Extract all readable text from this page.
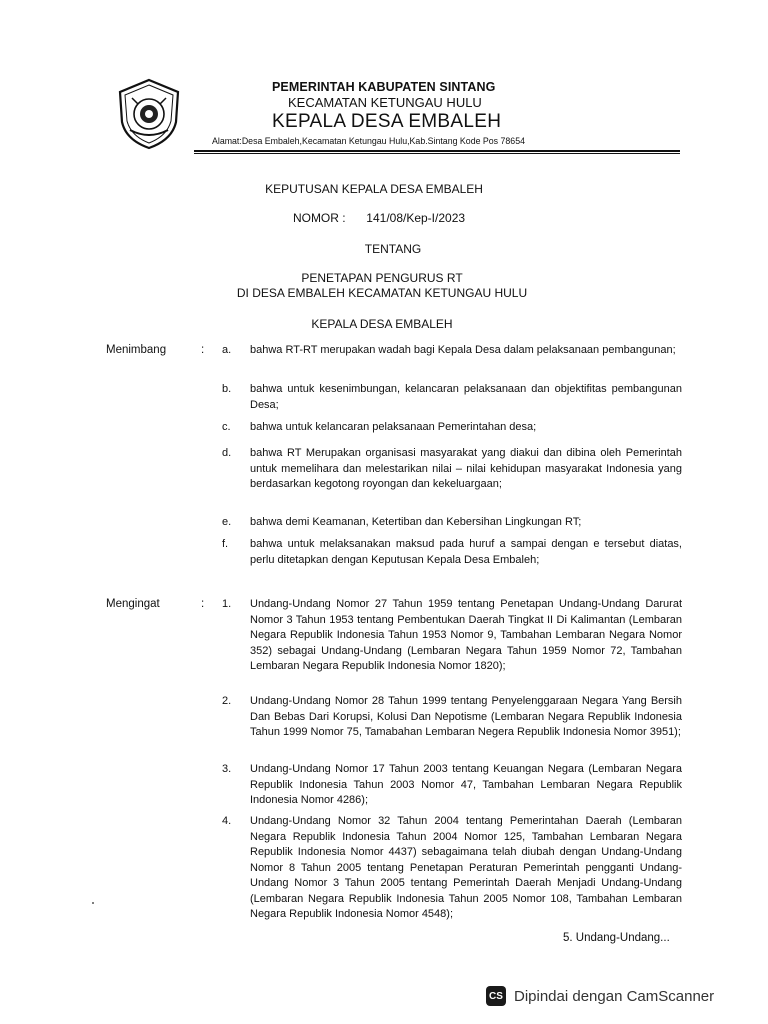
PEMERINTAH KABUPATEN SINTANG
KECAMATAN KETUNGAU HULU
KEPALA DESA EMBALEH
Alamat:Desa Embaleh,Kecamatan Ketungau Hulu,Kab.Sintang Kode Pos 78654
KEPUTUSAN KEPALA DESA EMBALEH
NOMOR : 141/08/Kep-I/2023
TENTANG
PENETAPAN PENGURUS RT
DI DESA EMBALEH KECAMATAN KETUNGAU HULU
KEPALA DESA EMBALEH
Menimbang	: a. bahwa RT-RT merupakan wadah bagi Kepala Desa dalam pelaksanaan pembangunan;
b. bahwa untuk kesenimbungan, kelancaran pelaksanaan dan objektifitas pembangunan Desa;
c. bahwa untuk kelancaran pelaksanaan Pemerintahan desa;
d. bahwa RT Merupakan organisasi masyarakat yang diakui dan dibina oleh Pemerintah untuk memelihara dan melestarikan nilai – nilai kehidupan masyarakat Indonesia yang berdasarkan kegotong royongan dan kekeluargaan;
e. bahwa demi Keamanan, Ketertiban dan Kebersihan Lingkungan RT;
f. bahwa untuk melaksanakan maksud pada huruf a sampai dengan e tersebut diatas, perlu ditetapkan dengan Keputusan Kepala Desa Embaleh;
Mengingat	: 1. Undang-Undang Nomor 27 Tahun 1959 tentang Penetapan Undang-Undang Darurat Nomor 3 Tahun 1953 tentang Pembentukan Daerah Tingkat II Di Kalimantan (Lembaran Negara Republik Indonesia Tahun 1953 Nomor 9, Tambahan Lembaran Negara Nomor 352) sebagai Undang-Undang (Lembaran Negara Tahun 1959 Nomor 72, Tambahan Lembaran Negara Republik Indonesia Nomor 1820);
2. Undang-Undang Nomor 28 Tahun 1999 tentang Penyelenggaraan Negara Yang Bersih Dan Bebas Dari Korupsi, Kolusi Dan Nepotisme (Lembaran Negara Republik Indonesia Tahun 1999 Nomor 75, Tamabahan Lembaran Negera Republik Indonesia Nomor 3951);
3. Undang-Undang Nomor 17 Tahun 2003 tentang Keuangan Negara (Lembaran Negara Republik Indonesia Tahun 2003 Nomor 47, Tambahan Lembaran Negara Republik Indonesia Nomor 4286);
4. Undang-Undang Nomor 32 Tahun 2004 tentang Pemerintahan Daerah (Lembaran Negara Republik Indonesia Tahun 2004 Nomor 125, Tambahan Lembaran Negara Republik Indonesia Nomor 4437) sebagaimana telah diubah dengan Undang-Undang Nomor 8 Tahun 2005 tentang Penetapan Peraturan Pemerintah pengganti Undang-Undang Nomor 3 Tahun 2005 tentang Pemerintah Daerah Menjadi Undang-Undang (Lembaran Negara Republik Indonesia Tahun 2005 Nomor 108, Tambahan Lembaran Negara Republik Indonesia Nomor 4548);
5. Undang-Undang...
CS Dipindai dengan CamScanner
